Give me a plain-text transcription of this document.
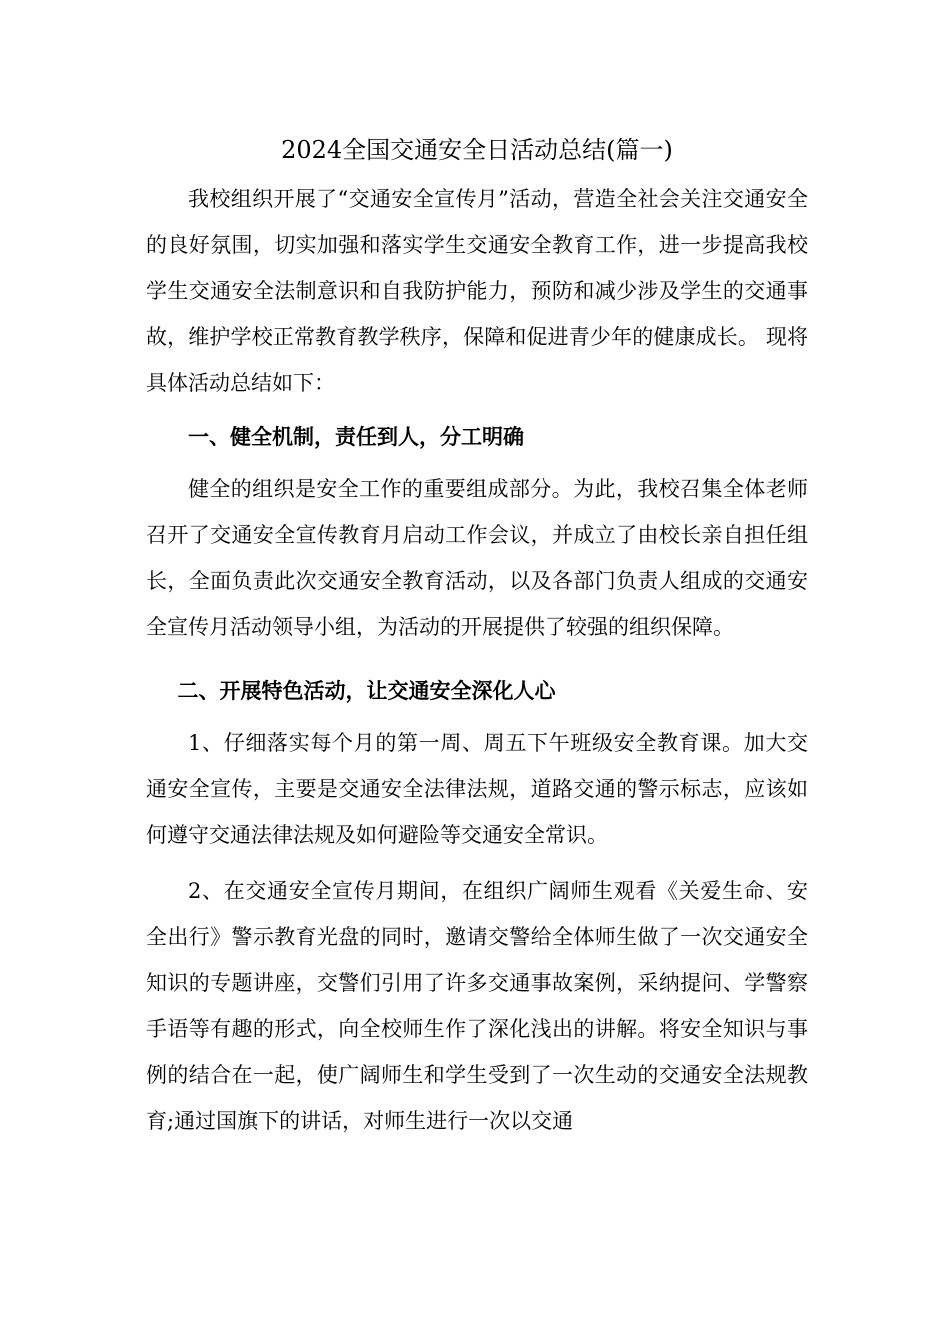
2024全国交通安全日活动总结(篇一)

我校组织开展了“交通安全宣传月”活动，营造全社会关注交通安全的良好氛围，切实加强和落实学生交通安全教育工作，进一步提高我校学生交通安全法制意识和自我防护能力，预防和减少涉及学生的交通事故，维护学校正常教育教学秩序，保障和促进青少年的健康成长。 现将具体活动总结如下：

一、健全机制，责任到人，分工明确

健全的组织是安全工作的重要组成部分。为此，我校召集全体老师召开了交通安全宣传教育月启动工作会议，并成立了由校长亲自担任组长，全面负责此次交通安全教育活动，以及各部门负责人组成的交通安全宣传月活动领导小组，为活动的开展提供了较强的组织保障。

二、开展特色活动，让交通安全深化人心

1、仔细落实每个月的第一周、周五下午班级安全教育课。加大交通安全宣传，主要是交通安全法律法规，道路交通的警示标志，应该如何遵守交通法律法规及如何避险等交通安全常识。

2、在交通安全宣传月期间，在组织广阔师生观看《关爱生命、安全出行》警示教育光盘的同时，邀请交警给全体师生做了一次交通安全知识的专题讲座，交警们引用了许多交通事故案例，采纳提问、学警察手语等有趣的形式，向全校师生作了深化浅出的讲解。将安全知识与事例的结合在一起，使广阔师生和学生受到了一次生动的交通安全法规教育;通过国旗下的讲话，对师生进行一次以交通
